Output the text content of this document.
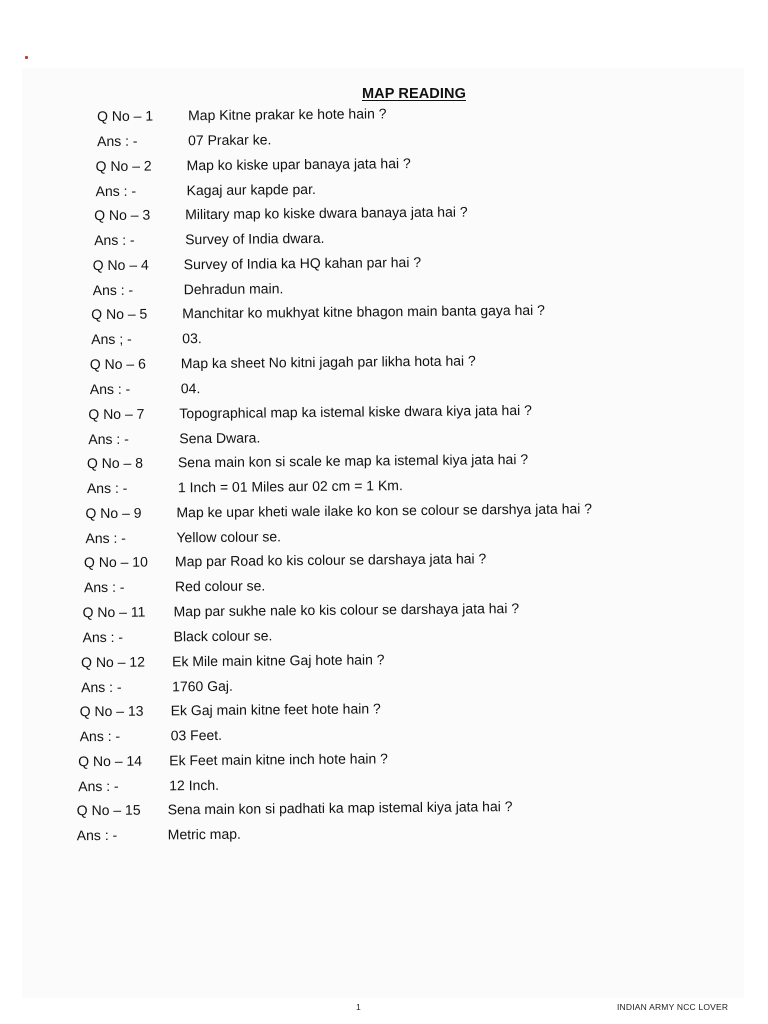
MAP READING
Q No – 1 Map Kitne prakar ke hote hain ?
Ans : -	07 Prakar ke.
Q No – 2 Map ko kiske upar banaya jata hai ?
Ans : -	Kagaj aur kapde par.
Q No – 3 Military map ko kiske dwara banaya jata hai ?
Ans : -	Survey of India dwara.
Q No – 4 Survey of India ka HQ kahan par hai ?
Ans : -	Dehradun main.
Q No – 5 Manchitar ko mukhyat kitne bhagon main banta gaya hai ?
Ans ; -	03.
Q No – 6 Map ka sheet No kitni jagah par likha hota hai ?
Ans : -	04.
Q No – 7 Topographical map ka istemal kiske dwara kiya jata hai ?
Ans : -	Sena Dwara.
Q No – 8 Sena main kon si scale ke map ka istemal kiya jata hai ?
Ans : -	1 Inch = 01 Miles aur 02 cm = 1 Km.
Q No – 9 Map ke upar kheti wale ilake ko kon se colour se darshya jata hai ?
Ans : -	Yellow colour se.
Q No – 10 Map par Road ko kis colour se darshaya jata hai ?
Ans : -	Red colour se.
Q No – 11 Map par sukhe nale ko kis colour se darshaya jata hai ?
Ans : -	Black colour se.
Q No – 12 Ek Mile main kitne Gaj hote hain ?
Ans : -	1760 Gaj.
Q No – 13 Ek Gaj main kitne feet hote hain ?
Ans : -	03 Feet.
Q No – 14 Ek Feet main kitne inch hote hain ?
Ans : -	12 Inch.
Q No – 15 Sena main kon si padhati ka map istemal kiya jata hai ?
Ans : -	Metric map.
1	INDIAN ARMY NCC LOVER
